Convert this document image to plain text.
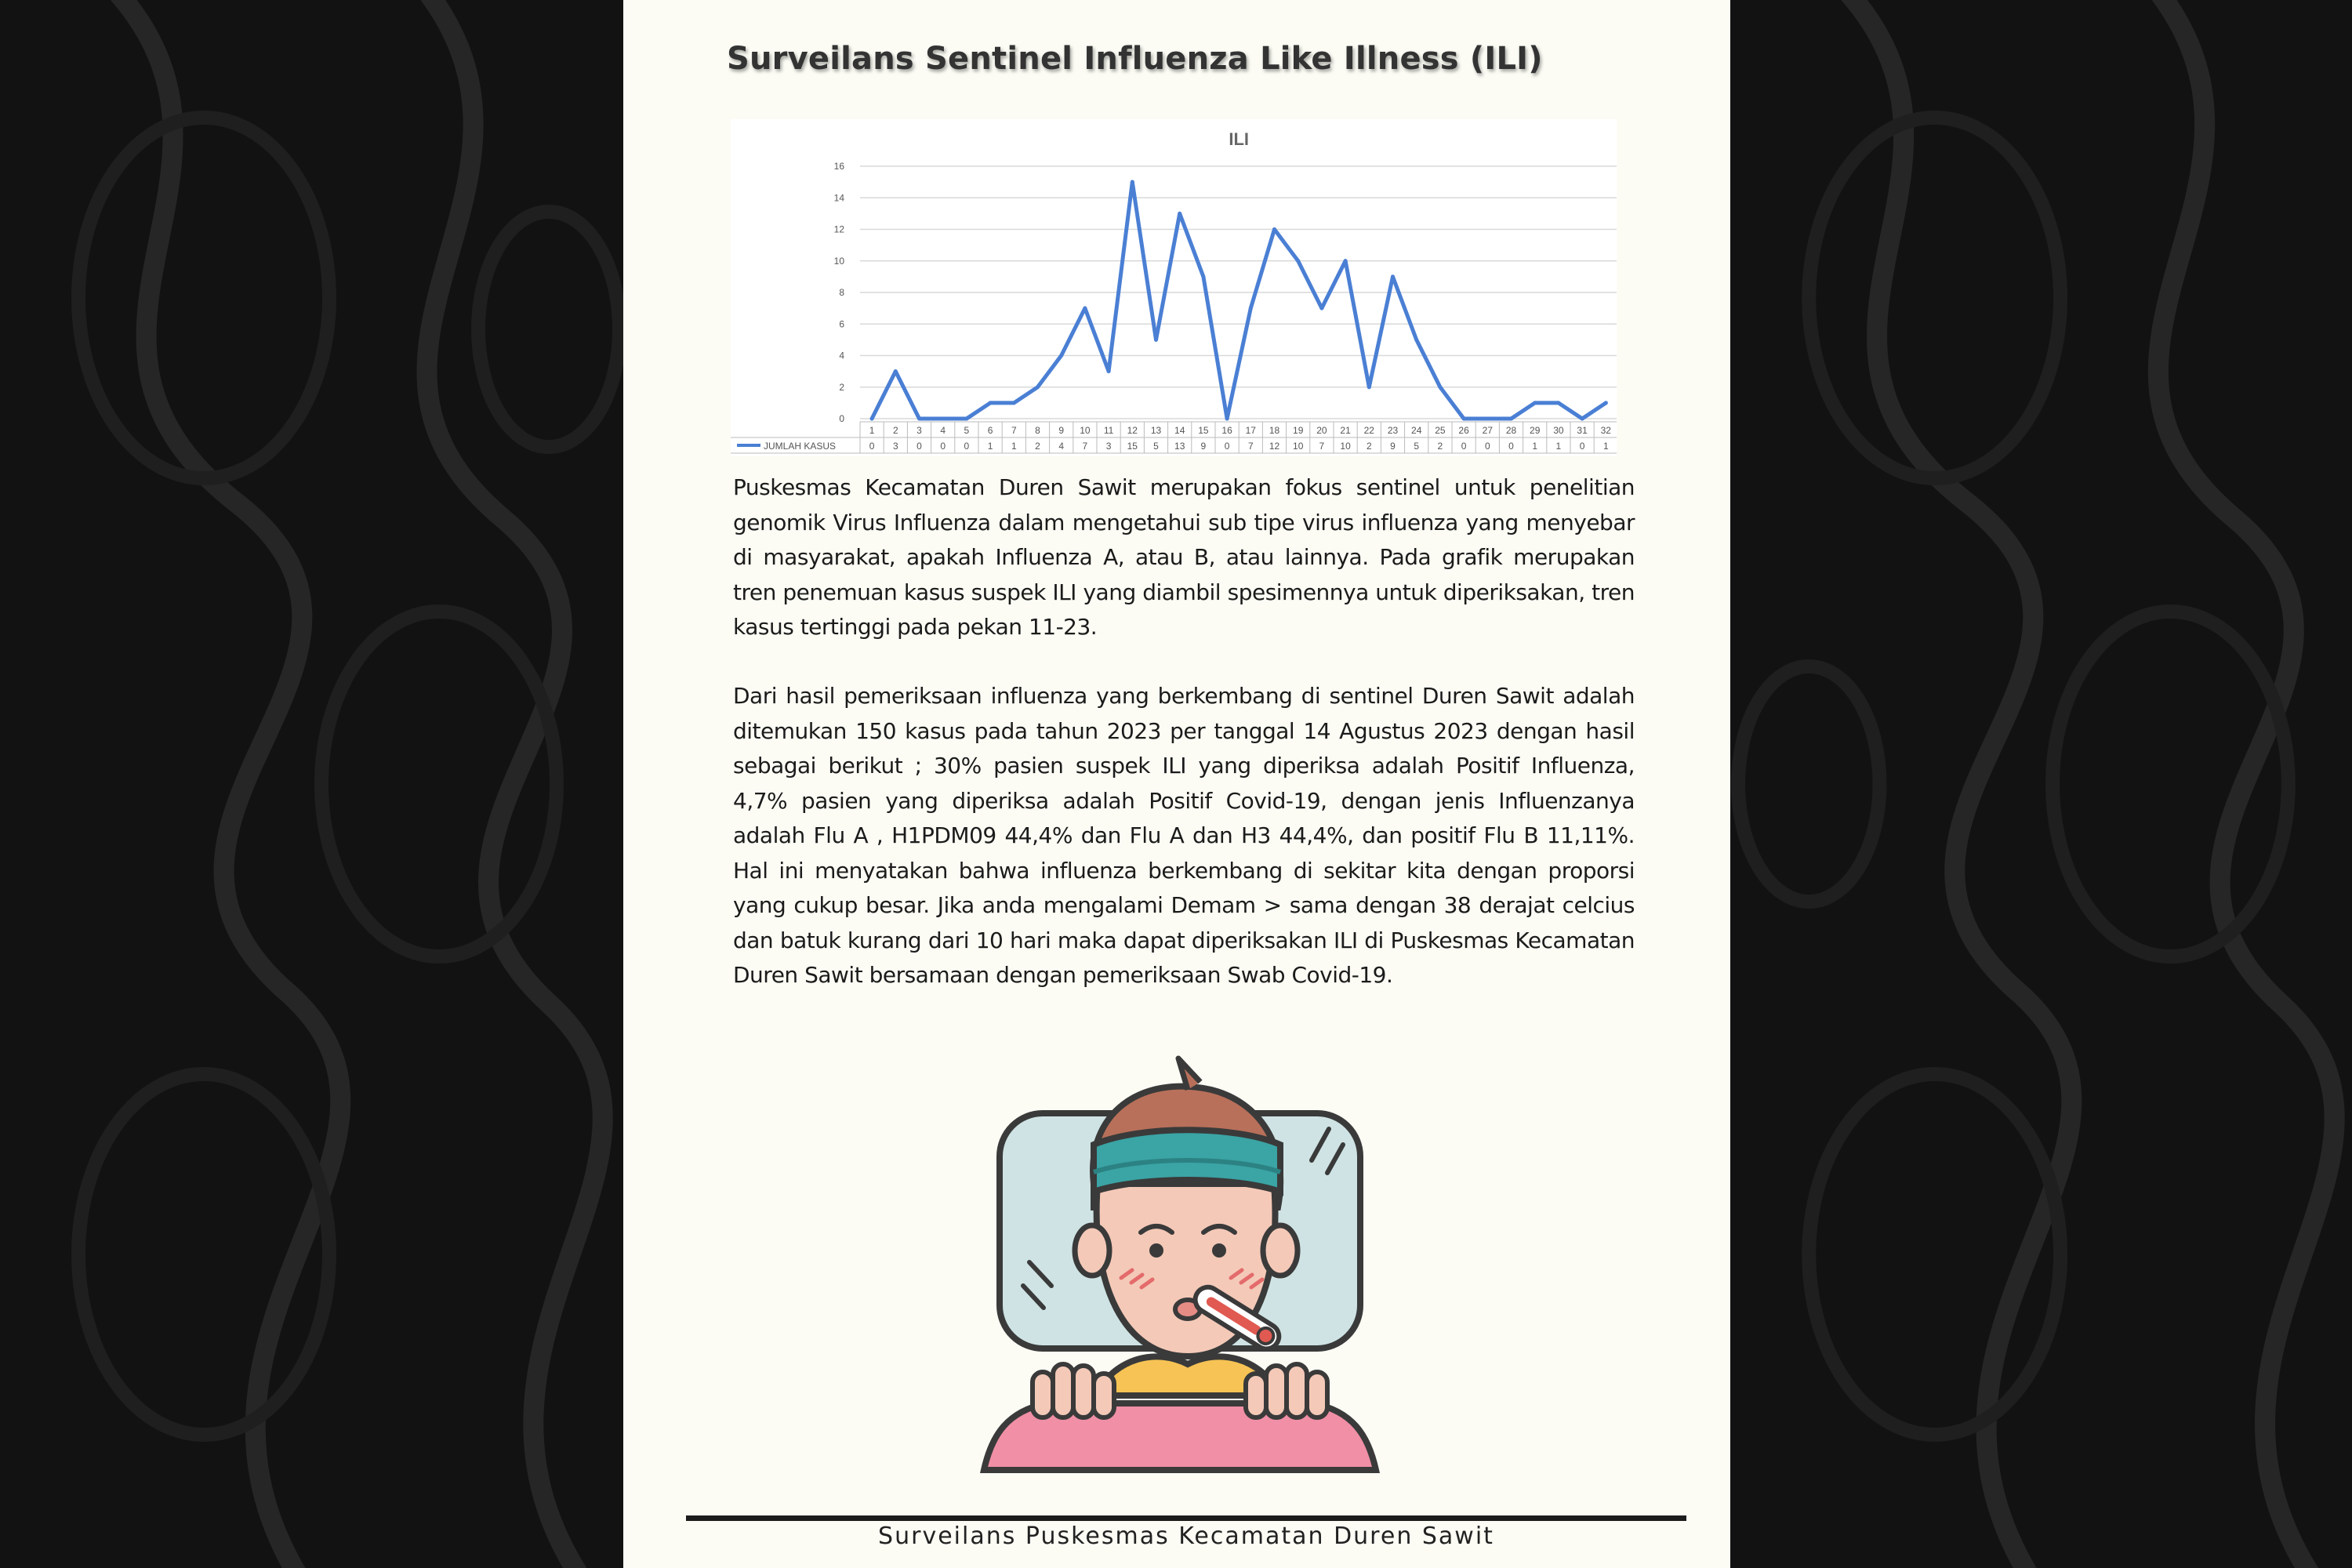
Surveilans Sentinel Influenza Like Illness (ILI)
ILI
0
2
4
6
8
10
12
14
16
1
0
2
3
3
0
4
0
5
0
6
1
7
1
8
2
9
4
10
7
11
3
12
15
13
5
14
13
15
9
16
0
17
7
18
12
19
10
20
7
21
10
22
2
23
9
24
5
25
2
26
0
27
0
28
0
29
1
30
1
31
0
32
1
JUMLAH KASUS

Puskesmas Kecamatan Duren Sawit merupakan fokus sentinel untuk penelitian genomik Virus Influenza dalam mengetahui sub tipe virus influenza yang menyebar di masyarakat, apakah Influenza A, atau B, atau lainnya. Pada grafik merupakan tren penemuan kasus suspek ILI yang diambil spesimennya untuk diperiksakan, tren kasus tertinggi pada pekan 11-23.

Dari hasil pemeriksaan influenza yang berkembang di sentinel Duren Sawit adalah ditemukan 150 kasus pada tahun 2023 per tanggal 14 Agustus 2023 dengan hasil sebagai berikut ; 30% pasien suspek ILI yang diperiksa adalah Positif Influenza, 4,7% pasien yang diperiksa adalah Positif Covid-19, dengan jenis Influenzanya adalah Flu A , H1PDM09 44,4% dan Flu A dan H3 44,4%, dan positif Flu B 11,11%. Hal ini menyatakan bahwa influenza berkembang di sekitar kita dengan proporsi yang cukup besar. Jika anda mengalami Demam > sama dengan 38 derajat celcius dan batuk kurang dari 10 hari maka dapat diperiksakan ILI di Puskesmas Kecamatan Duren Sawit bersamaan dengan pemeriksaan Swab Covid-19.

Surveilans Puskesmas Kecamatan Duren Sawit
